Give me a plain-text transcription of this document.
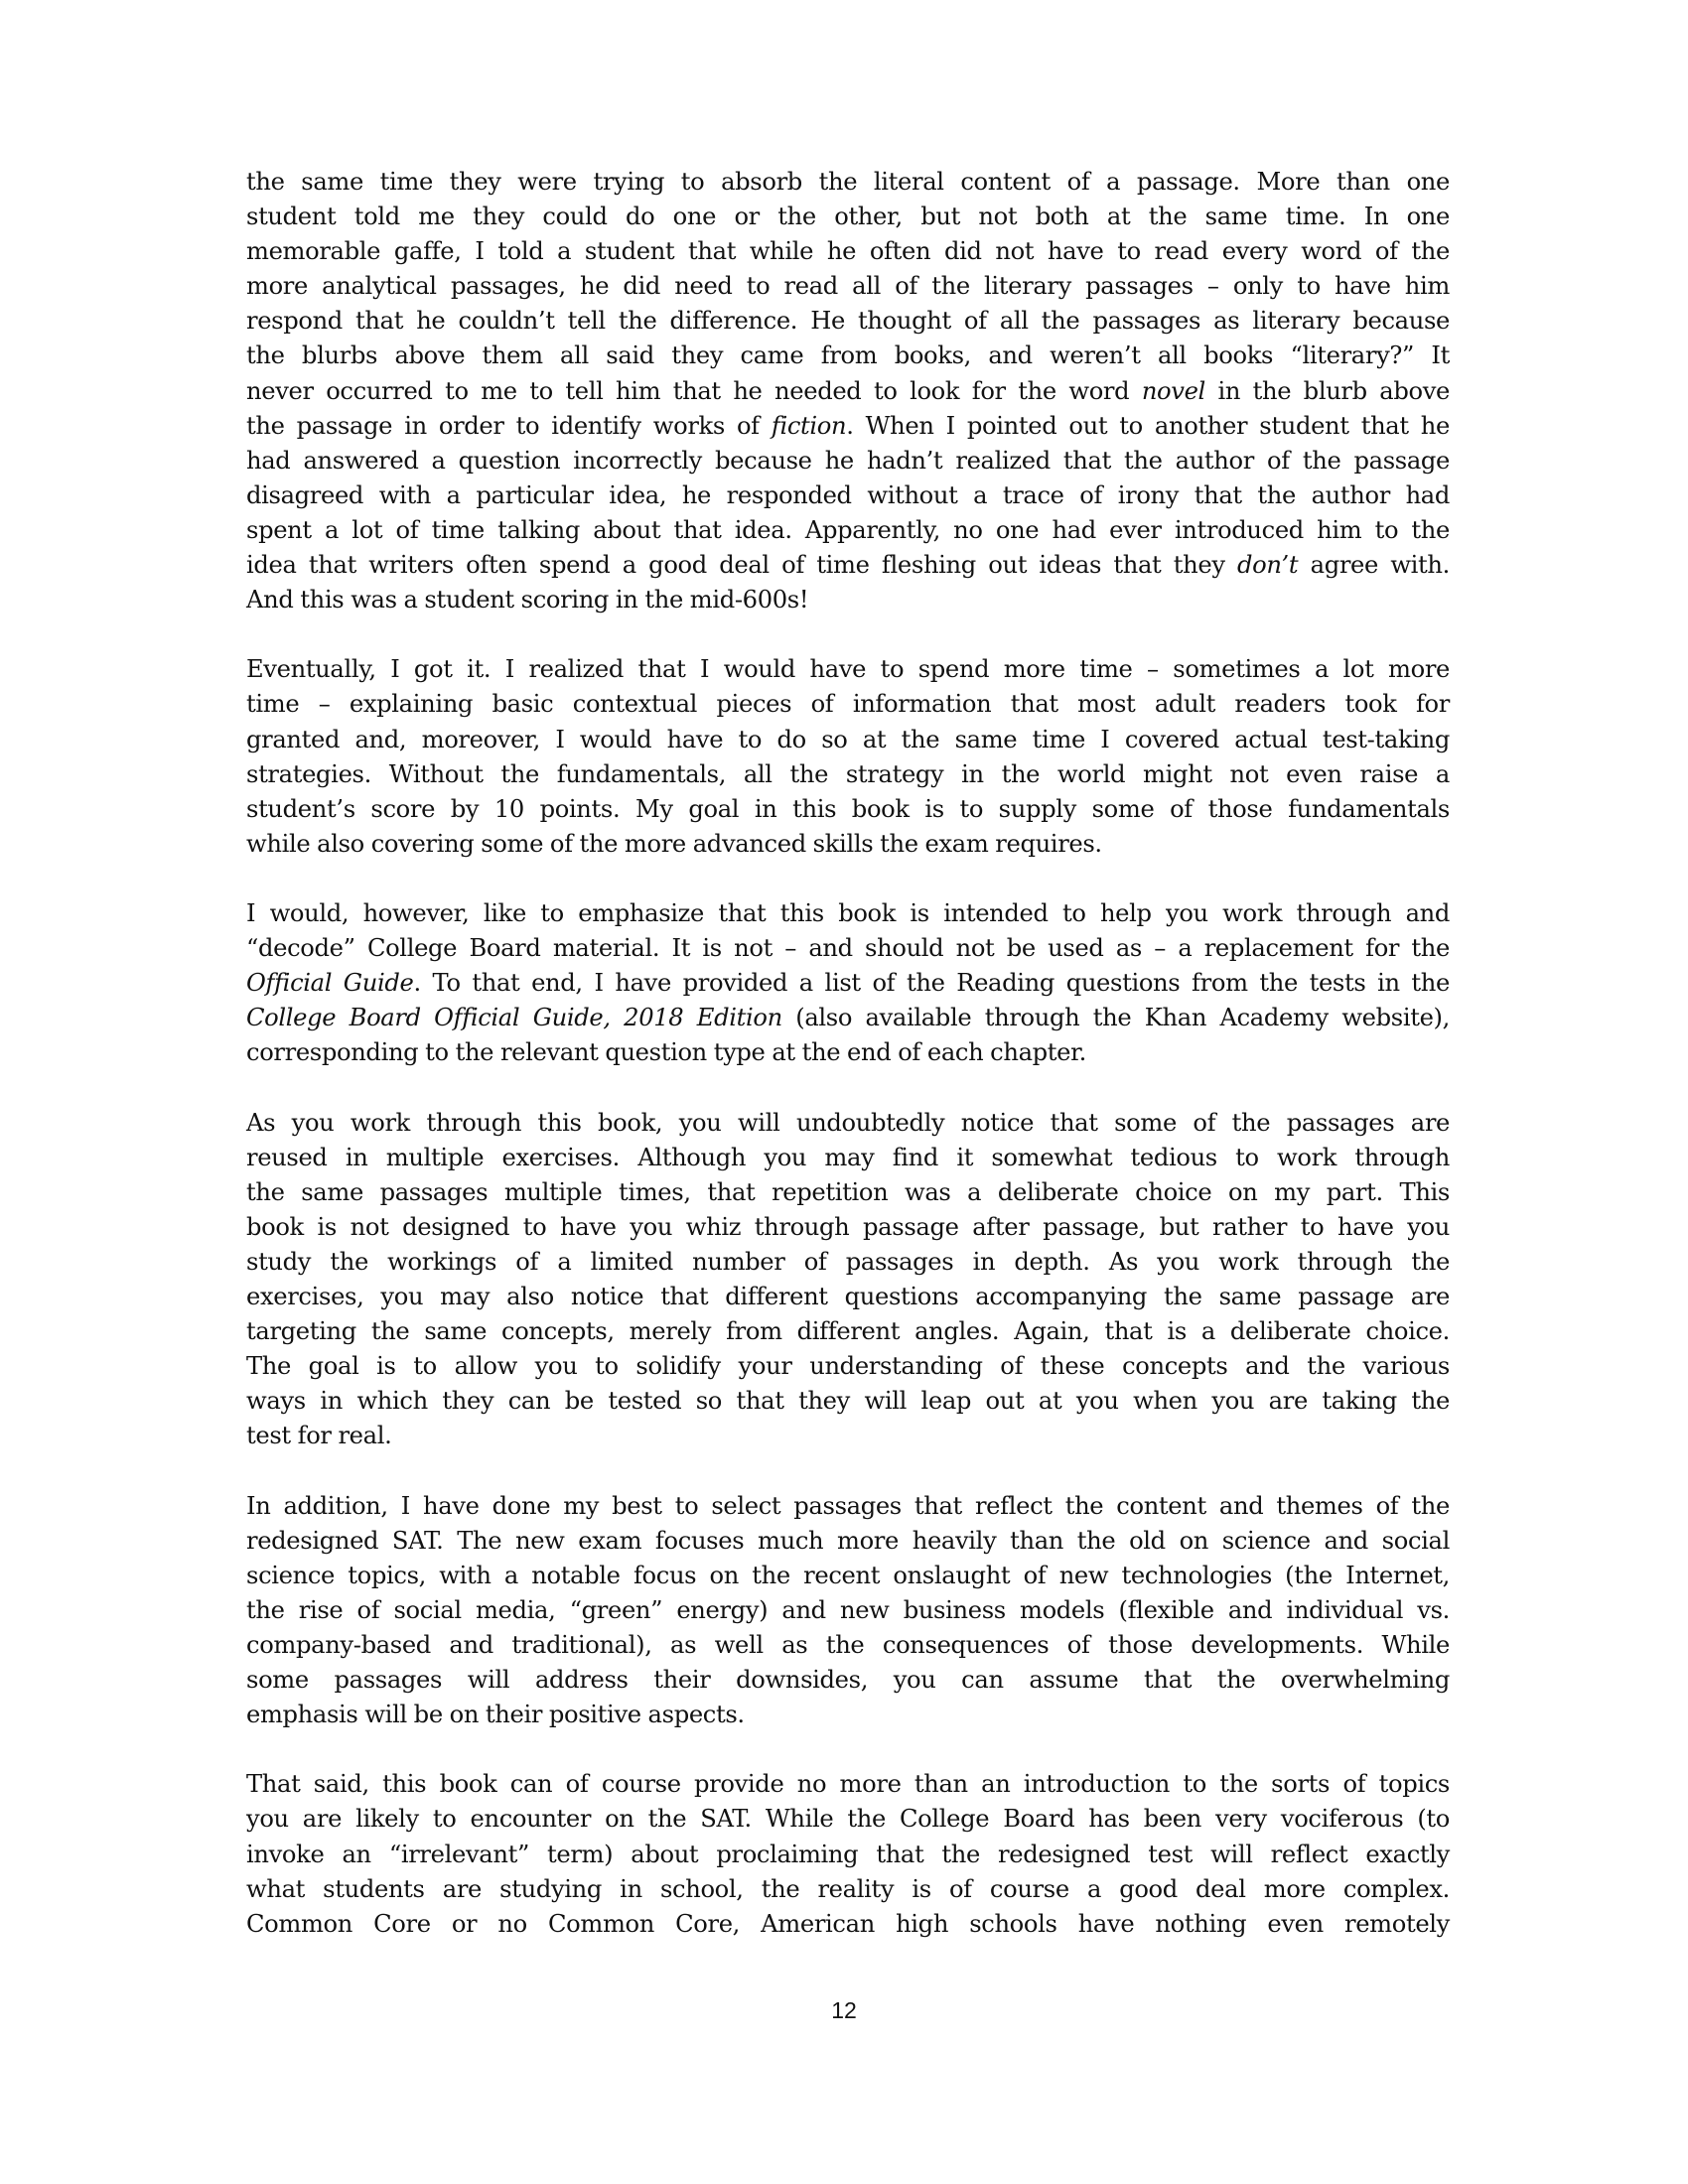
the same time they were trying to absorb the literal content of a passage. More than one
student told me they could do one or the other, but not both at the same time. In one
memorable gaffe, I told a student that while he often did not have to read every word of the
more analytical passages, he did need to read all of the literary passages – only to have him
respond that he couldn’t tell the difference. He thought of all the passages as literary because
the blurbs above them all said they came from books, and weren’t all books “literary?” It
never occurred to me to tell him that he needed to look for the word novel in the blurb above
the passage in order to identify works of fiction. When I pointed out to another student that he
had answered a question incorrectly because he hadn’t realized that the author of the passage
disagreed with a particular idea, he responded without a trace of irony that the author had
spent a lot of time talking about that idea. Apparently, no one had ever introduced him to the
idea that writers often spend a good deal of time fleshing out ideas that they don’t agree with.
And this was a student scoring in the mid-600s!
Eventually, I got it. I realized that I would have to spend more time – sometimes a lot more
time – explaining basic contextual pieces of information that most adult readers took for
granted and, moreover, I would have to do so at the same time I covered actual test-taking
strategies. Without the fundamentals, all the strategy in the world might not even raise a
student’s score by 10 points. My goal in this book is to supply some of those fundamentals
while also covering some of the more advanced skills the exam requires.
I would, however, like to emphasize that this book is intended to help you work through and
“decode” College Board material. It is not – and should not be used as – a replacement for the
Official Guide. To that end, I have provided a list of the Reading questions from the tests in the
College Board Official Guide, 2018 Edition (also available through the Khan Academy website),
corresponding to the relevant question type at the end of each chapter.
As you work through this book, you will undoubtedly notice that some of the passages are
reused in multiple exercises. Although you may find it somewhat tedious to work through
the same passages multiple times, that repetition was a deliberate choice on my part. This
book is not designed to have you whiz through passage after passage, but rather to have you
study the workings of a limited number of passages in depth. As you work through the
exercises, you may also notice that different questions accompanying the same passage are
targeting the same concepts, merely from different angles. Again, that is a deliberate choice.
The goal is to allow you to solidify your understanding of these concepts and the various
ways in which they can be tested so that they will leap out at you when you are taking the
test for real.
In addition, I have done my best to select passages that reflect the content and themes of the
redesigned SAT. The new exam focuses much more heavily than the old on science and social
science topics, with a notable focus on the recent onslaught of new technologies (the Internet,
the rise of social media, “green” energy) and new business models (flexible and individual vs.
company-based and traditional), as well as the consequences of those developments. While
some passages will address their downsides, you can assume that the overwhelming
emphasis will be on their positive aspects.
That said, this book can of course provide no more than an introduction to the sorts of topics
you are likely to encounter on the SAT. While the College Board has been very vociferous (to
invoke an “irrelevant” term) about proclaiming that the redesigned test will reflect exactly
what students are studying in school, the reality is of course a good deal more complex.
Common Core or no Common Core, American high schools have nothing even remotely
12
